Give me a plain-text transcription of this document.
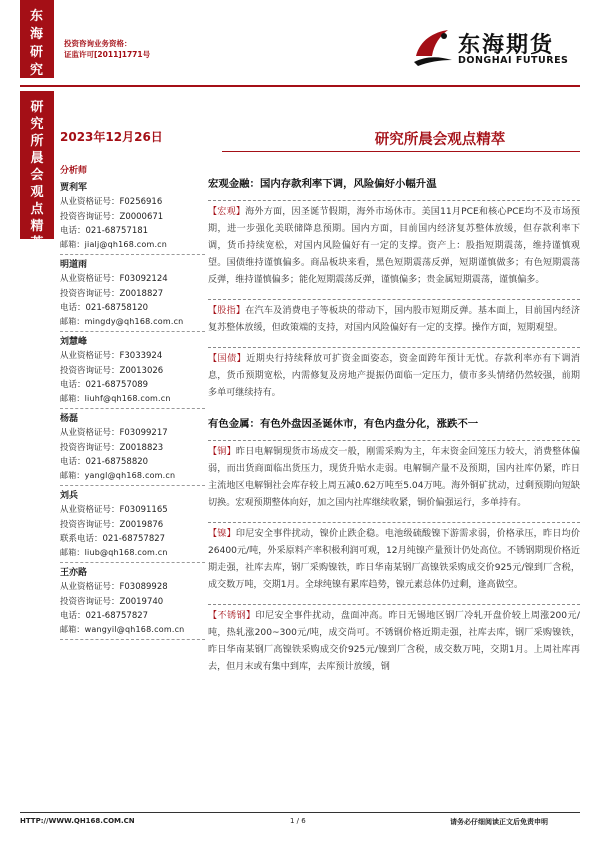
东海研究
投资咨询业务资格：
证监许可[2011]1771号	东海期货
DONGHAI FUTURES
研究所晨会观点精萃
2023年12月26日	研究所晨会观点精萃
分析师
贾利军
从业资格证号：F0256916
投资咨询证号：Z0000671
电话：021-68757181
邮箱：jialj@qh168.com.cn
明道雨
从业资格证号：F03092124
投资咨询证号：Z0018827
电话：021-68758120
邮箱：mingdy@qh168.com.cn
刘慧峰
从业资格证号：F3033924
投资咨询证号：Z0013026
电话：021-68757089
邮箱：liuhf@qh168.com.cn
杨磊
从业资格证号：F03099217
投资咨询证号：Z0018823
电话：021-68758820
邮箱：yangl@qh168.com.cn
刘兵
从业资格证号：F03091165
投资咨询证号：Z0019876
联系电话：021-68757827
邮箱：liub@qh168.com.cn
王亦路
从业资格证号：F03089928
投资咨询证号：Z0019740
电话：021-68757827
邮箱：wangyil@qh168.com.cn
宏观金融：国内存款利率下调，风险偏好小幅升温

【宏观】海外方面，因圣诞节假期，海外市场休市。美国11月PCE和核心PCE均不及市场预期，进一步强化美联储降息预期。国内方面，目前国内经济复苏整体放缓，但存款利率下调，货币持续宽松，对国内风险偏好有一定的支撑。资产上：股指短期震荡，维持谨慎观望。国债维持谨慎偏多。商品板块来看，黑色短期震荡反弹，短期谨慎做多；有色短期震荡反弹，维持谨慎偏多；能化短期震荡反弹，谨慎偏多；贵金属短期震荡，谨慎偏多。

【股指】在汽车及消费电子等板块的带动下，国内股市短期反弹。基本面上，目前国内经济复苏整体放缓，但政策端的支持，对国内风险偏好有一定的支撑。操作方面，短期观望。

【国债】近期央行持续释放可扩资金面姿态，资金面跨年预计无忧。存款利率亦有下调消息，货币预期宽松，内需修复及房地产提振仍面临一定压力，债市多头情绪仍然较强，前期多单可继续持有。

有色金属：有色外盘因圣诞休市，有色内盘分化，涨跌不一

【铜】昨日电解铜现货市场成交一般，刚需采购为主，年末资金回笼压力较大，消费整体偏弱，而出货商面临出货压力，现货升贴水走弱。电解铜产量不及预期，国内社库仍紧，昨日主流地区电解铜社会库存较上周五减0.62万吨至5.04万吨。海外铜矿扰动，过剩预期向短缺切换。宏观预期整体向好，加之国内社库继续收紧，铜价偏强运行，多单持有。

【镍】印尼安全事件扰动，镍价止跌企稳。电池级硫酸镍下游需求弱，价格承压，昨日均价26400元/吨，外采原料产率积极利润可观，12月纯镍产量预计仍处高位。不锈钢期现价格近期走强，社库去库，钢厂采购镍铁，昨日华南某钢厂高镍铁采购成交价925元/镍到厂含税，成交数万吨，交期1月。全球纯镍有累库趋势，镍元素总体仍过剩，逢高做空。

【不锈钢】印尼安全事件扰动，盘面冲高。昨日无锡地区钢厂冷轧开盘价较上周涨200元/吨，热轧涨200~300元/吨，成交尚可。不锈钢价格近期走强，社库去库，钢厂采购镍铁，昨日华南某钢厂高镍铁采购成交价925元/镍到厂含税，成交数万吨，交期1月。上周社库再去，但月末或有集中到库，去库预计放缓，钢

HTTP://WWW.QH168.COM.CN	1 / 6	请务必仔细阅读正文后免责申明
